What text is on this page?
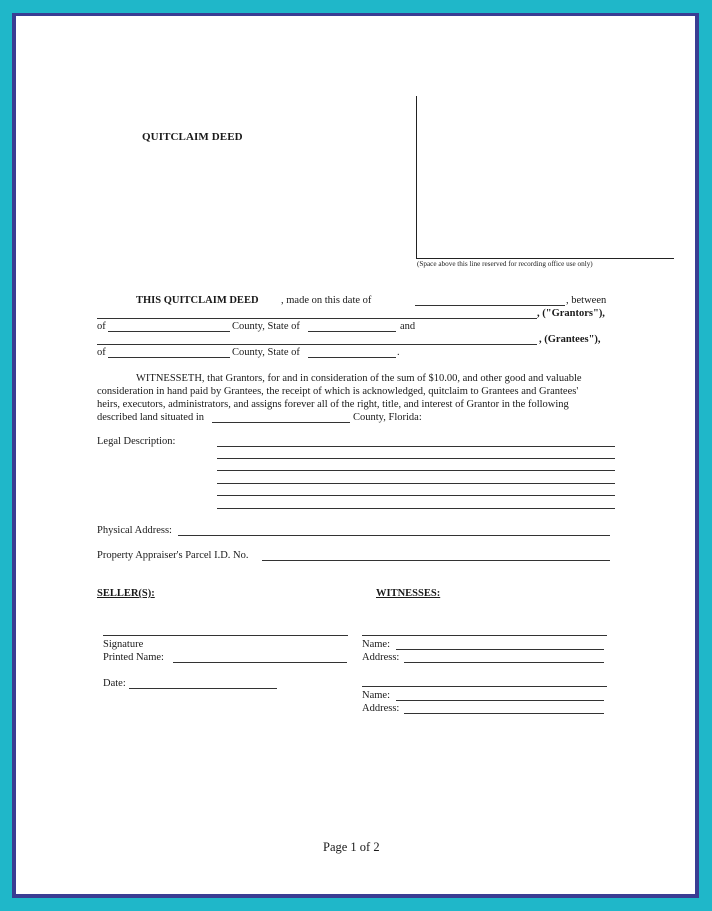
QUITCLAIM DEED
(Space above this line reserved for recording office use only)
THIS QUITCLAIM DEED , made on this date of	, between
, ("Grantors"),
of	County, State of	and
, (Grantees"),
of	County, State of	.
WITNESSETH, that Grantors, for and in consideration of the sum of $10.00, and other good and valuable
consideration in hand paid by Grantees, the receipt of which is acknowledged, quitclaim to Grantees and Grantees'
heirs, executors, administrators, and assigns forever all of the right, title, and interest of Grantor in the following
described land situated in	County, Florida:
Legal Description:
Physical Address:
Property Appraiser's Parcel I.D. No.
SELLER(S):	WITNESSES:
Signature
Printed Name:
Date:
Name:
Address:
Name:
Address:
Page 1 of 2
